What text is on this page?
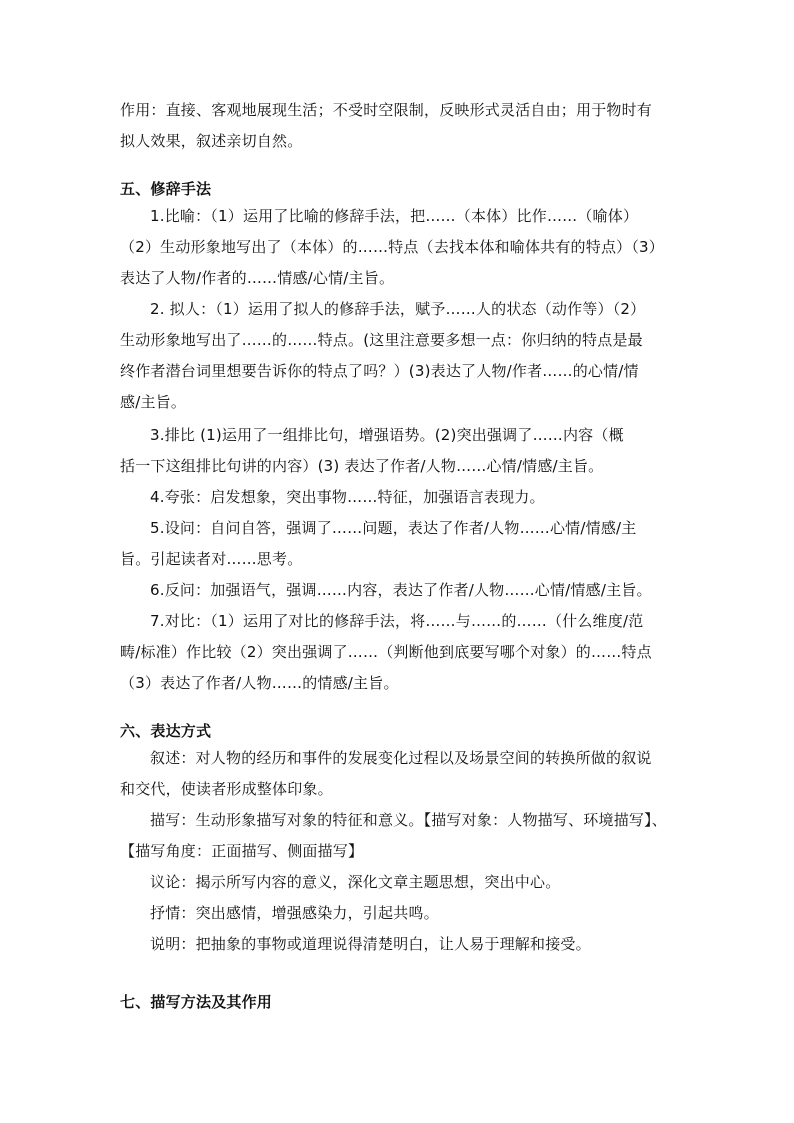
作用：直接、客观地展现生活；不受时空限制，反映形式灵活自由；用于物时有
拟人效果，叙述亲切自然。
五、修辞手法
1.比喻：（1）运用了比喻的修辞手法，把……（本体）比作……（喻体）
（2）生动形象地写出了（本体）的……特点（去找本体和喻体共有的特点）（3）
表达了人物/作者的……情感/心情/主旨。
2. 拟人：（1）运用了拟人的修辞手法，赋予……人的状态（动作等）（2）
生动形象地写出了……的……特点。(这里注意要多想一点：你归纳的特点是最
终作者潜台词里想要告诉你的特点了吗？）(3)表达了人物/作者……的心情/情
感/主旨。
3.排比 (1)运用了一组排比句，增强语势。(2)突出强调了……内容（概
括一下这组排比句讲的内容）(3) 表达了作者/人物……心情/情感/主旨。
4.夸张：启发想象，突出事物……特征，加强语言表现力。
5.设问：自问自答，强调了……问题，表达了作者/人物……心情/情感/主
旨。引起读者对……思考。
6.反问：加强语气，强调……内容，表达了作者/人物……心情/情感/主旨。
7.对比：（1）运用了对比的修辞手法，将……与……的……（什么维度/范
畴/标准）作比较（2）突出强调了……（判断他到底要写哪个对象）的……特点
（3）表达了作者/人物……的情感/主旨。
六、表达方式
叙述：对人物的经历和事件的发展变化过程以及场景空间的转换所做的叙说
和交代，使读者形成整体印象。
描写：生动形象描写对象的特征和意义。【描写对象：人物描写、环境描写】、
【描写角度：正面描写、侧面描写】
议论：揭示所写内容的意义，深化文章主题思想，突出中心。
抒情：突出感情，增强感染力，引起共鸣。
说明：把抽象的事物或道理说得清楚明白，让人易于理解和接受。
七、描写方法及其作用
